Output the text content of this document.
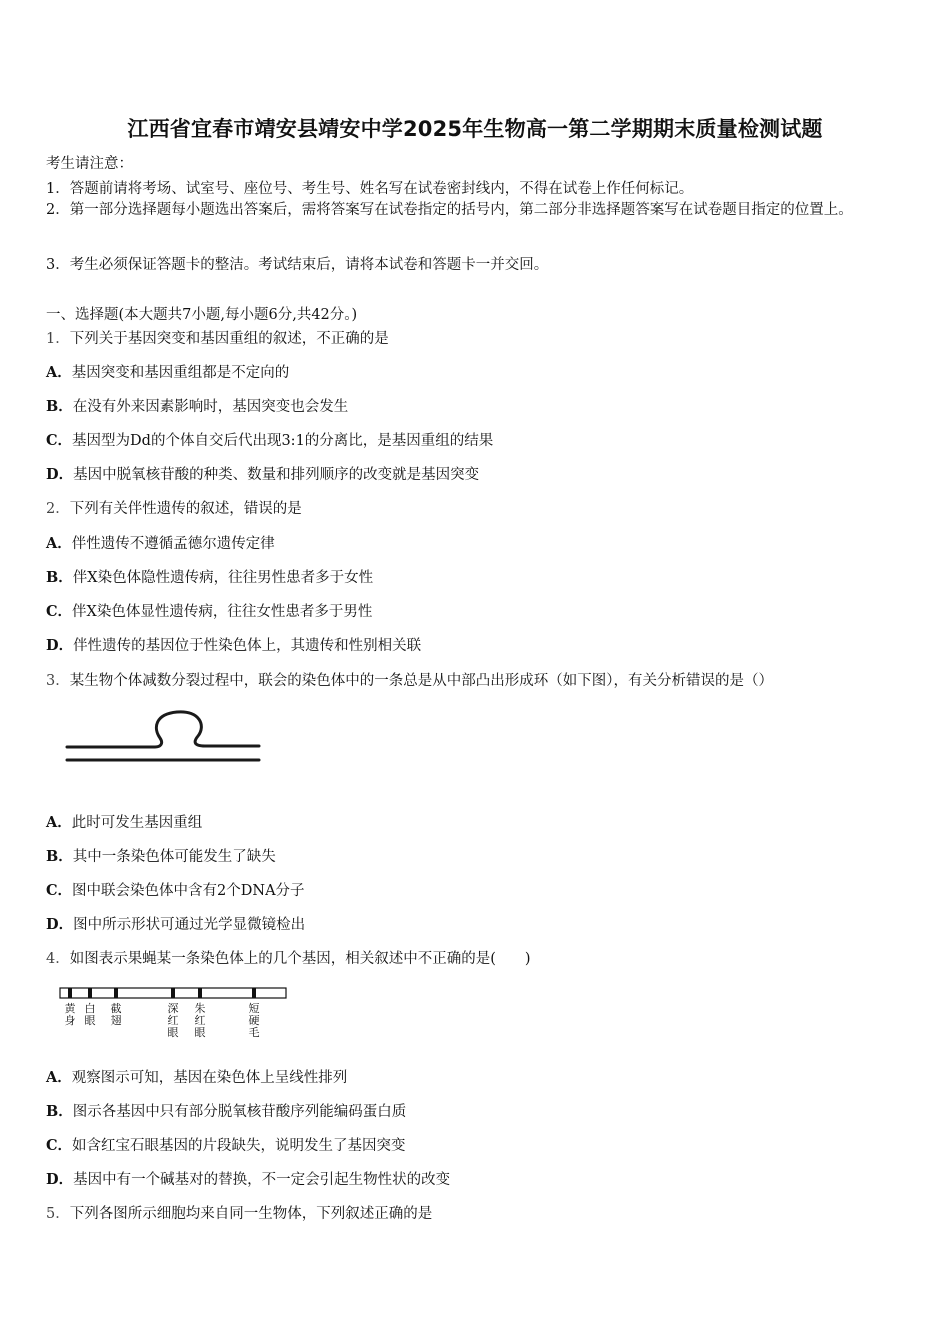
江西省宜春市靖安县靖安中学2025年生物高一第二学期期末质量检测试题
考生请注意：
1．答题前请将考场、试室号、座位号、考生号、姓名写在试卷密封线内，不得在试卷上作任何标记。
2．第一部分选择题每小题选出答案后，需将答案写在试卷指定的括号内，第二部分非选择题答案写在试卷题目指定的位置上。
3．考生必须保证答题卡的整洁。考试结束后，请将本试卷和答题卡一并交回。
一、选择题(本大题共7小题,每小题6分,共42分。)
1．下列关于基因突变和基因重组的叙述，不正确的是
A．基因突变和基因重组都是不定向的
B．在没有外来因素影响时，基因突变也会发生
C．基因型为Dd的个体自交后代出现3:1的分离比，是基因重组的结果
D．基因中脱氧核苷酸的种类、数量和排列顺序的改变就是基因突变
2．下列有关伴性遗传的叙述，错误的是
A．伴性遗传不遵循孟德尔遗传定律
B．伴X染色体隐性遗传病，往往男性患者多于女性
C．伴X染色体显性遗传病，往往女性患者多于男性
D．伴性遗传的基因位于性染色体上，其遗传和性别相关联
3．某生物个体减数分裂过程中，联会的染色体中的一条总是从中部凸出形成环（如下图），有关分析错误的是（）
A．此时可发生基因重组
B．其中一条染色体可能发生了缺失
C．图中联会染色体中含有2个DNA分子
D．图中所示形状可通过光学显微镜检出
4．如图表示果蝇某一条染色体上的几个基因，相关叙述中不正确的是(　　)
黄身
白眼
截翅
深红眼
朱红眼
短硬毛
A．观察图示可知，基因在染色体上呈线性排列
B．图示各基因中只有部分脱氧核苷酸序列能编码蛋白质
C．如含红宝石眼基因的片段缺失，说明发生了基因突变
D．基因中有一个碱基对的替换，不一定会引起生物性状的改变
5．下列各图所示细胞均来自同一生物体，下列叙述正确的是
